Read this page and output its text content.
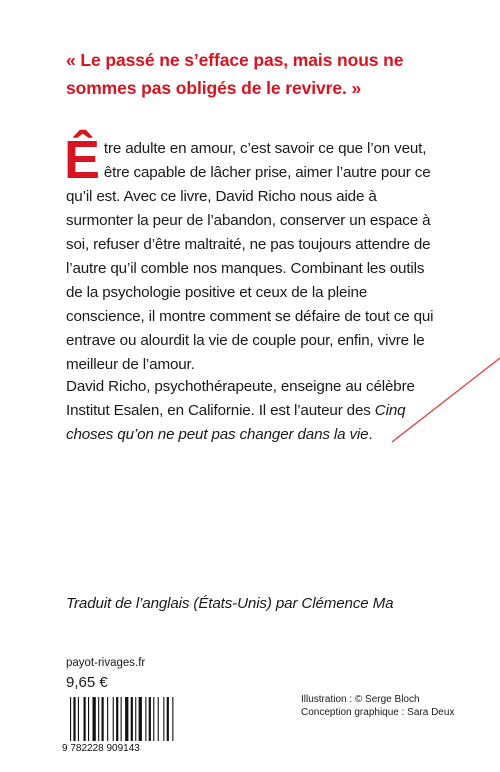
« Le passé ne s’efface pas, mais nous ne sommes pas obligés de le revivre. »
Être adulte en amour, c’est savoir ce que l’on veut, être capable de lâcher prise, aimer l’autre pour ce qu’il est. Avec ce livre, David Richo nous aide à surmonter la peur de l’abandon, conserver un espace à soi, refuser d’être maltraité, ne pas toujours attendre de l’autre qu’il comble nos manques. Combinant les outils de la psychologie positive et ceux de la pleine conscience, il montre comment se défaire de tout ce qui entrave ou alourdit la vie de couple pour, enfin, vivre le meilleur de l’amour.
David Richo, psychothérapeute, enseigne au célèbre Institut Esalen, en Californie. Il est l’auteur des Cinq choses qu’on ne peut pas changer dans la vie.
Traduit de l’anglais (États-Unis) par Clémence Ma
payot-rivages.fr
9,65 €
9 782228 909143
Illustration : © Serge Bloch
Conception graphique : Sara Deux
